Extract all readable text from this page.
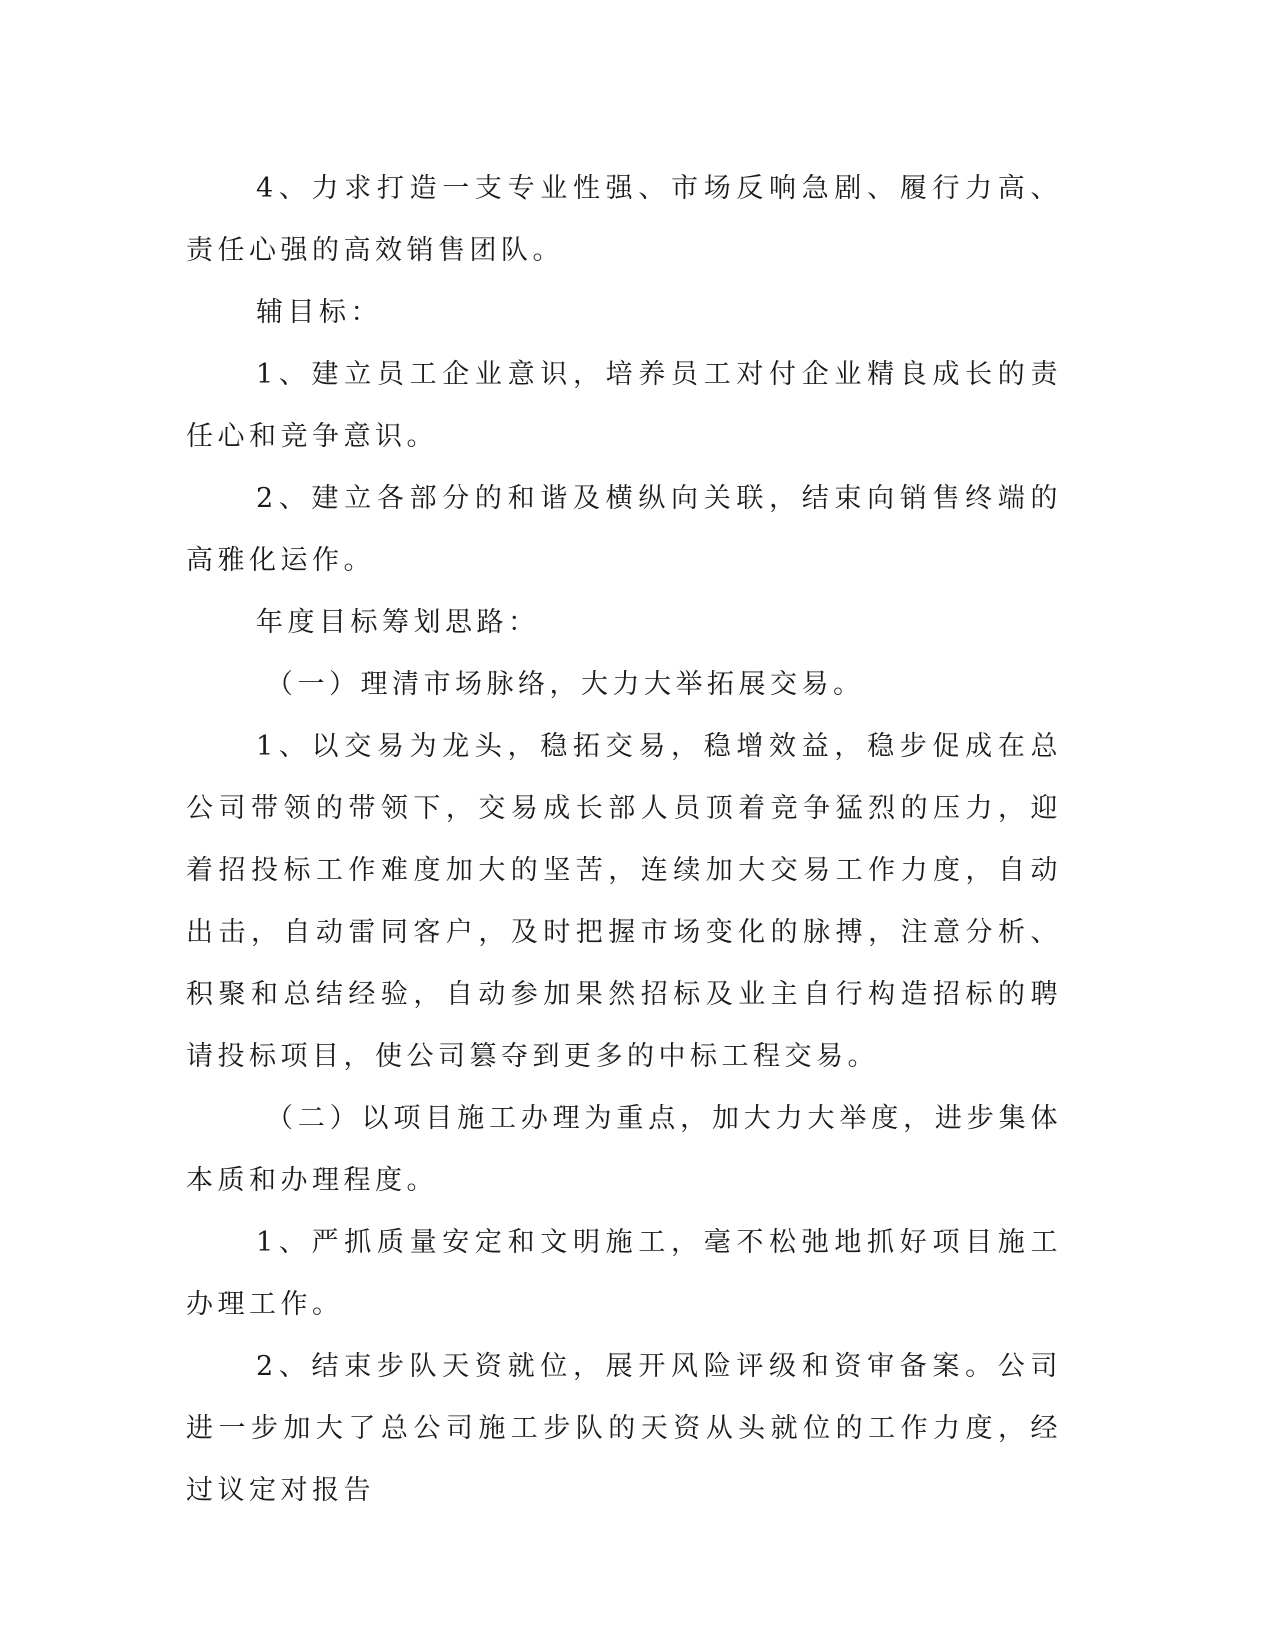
4、力求打造一支专业性强、市场反响急剧、履行力高、责任心强的高效销售团队。

辅目标：

1、建立员工企业意识，培养员工对付企业精良成长的责任心和竞争意识。

2、建立各部分的和谐及横纵向关联，结束向销售终端的高雅化运作。

年度目标筹划思路：

（一）理清市场脉络，大力大举拓展交易。

1、以交易为龙头，稳拓交易，稳增效益，稳步促成在总公司带领的带领下，交易成长部人员顶着竞争猛烈的压力，迎着招投标工作难度加大的坚苦，连续加大交易工作力度，自动出击，自动雷同客户，及时把握市场变化的脉搏，注意分析、积聚和总结经验，自动参加果然招标及业主自行构造招标的聘请投标项目，使公司篡夺到更多的中标工程交易。

（二）以项目施工办理为重点，加大力大举度，进步集体本质和办理程度。

1、严抓质量安定和文明施工，毫不松弛地抓好项目施工办理工作。

2、结束步队天资就位，展开风险评级和资审备案。公司进一步加大了总公司施工步队的天资从头就位的工作力度，经过议定对报告
